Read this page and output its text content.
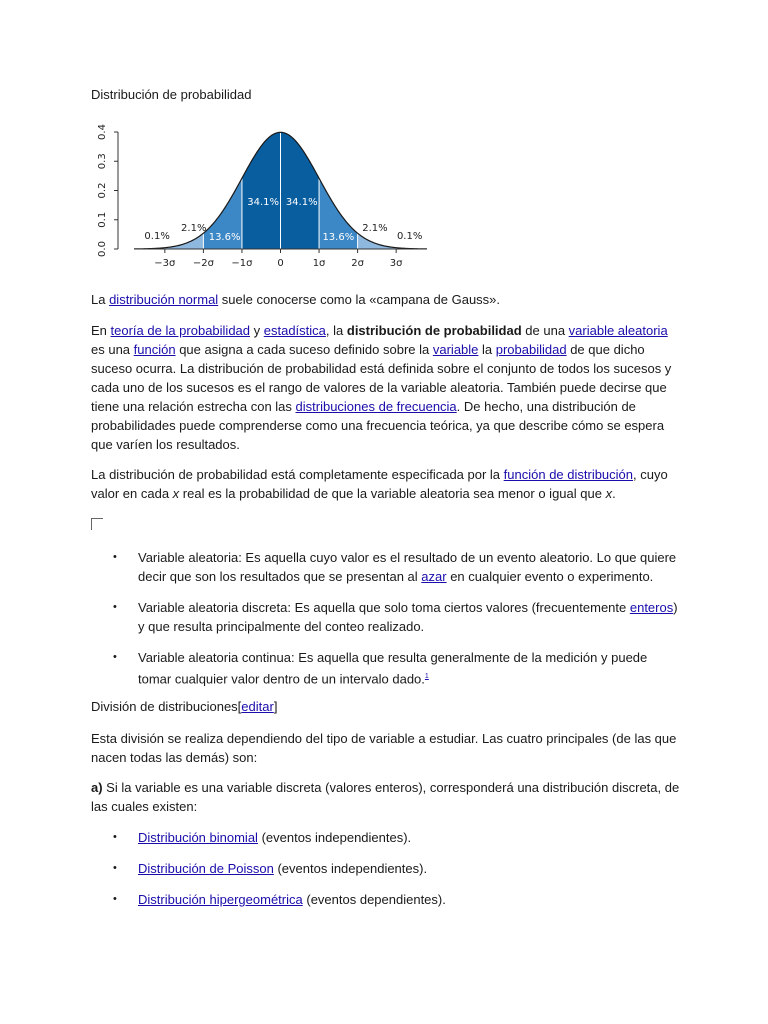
Distribución de probabilidad
−3σ −2σ −1σ 0	1σ	2σ	3σ
0.0
0.1
0.2
0.3
0.4
0.1%
2.1%
13.6%
34.1% 34.1%
13.6%
2.1%
0.1%

La distribución normal suele conocerse como la «campana de Gauss».

En teoría de la probabilidad y estadística, la distribución de probabilidad de una variable aleatoria es una función que asigna a cada suceso definido sobre la variable la probabilidad de que dicho suceso ocurra. La distribución de probabilidad está definida sobre el conjunto de todos los sucesos y cada uno de los sucesos es el rango de valores de la variable aleatoria. También puede decirse que tiene una relación estrecha con las distribuciones de frecuencia. De hecho, una distribución de probabilidades puede comprenderse como una frecuencia teórica, ya que describe cómo se espera que varíen los resultados.

La distribución de probabilidad está completamente especificada por la función de distribución, cuyo valor en cada x real es la probabilidad de que la variable aleatoria sea menor o igual que x.

• Variable aleatoria: Es aquella cuyo valor es el resultado de un evento aleatorio. Lo que quiere decir que son los resultados que se presentan al azar en cualquier evento o experimento.
• Variable aleatoria discreta: Es aquella que solo toma ciertos valores (frecuentemente enteros) y que resulta principalmente del conteo realizado.
• Variable aleatoria continua: Es aquella que resulta generalmente de la medición y puede tomar cualquier valor dentro de un intervalo dado.$^1$

División de distribuciones[editar]

Esta división se realiza dependiendo del tipo de variable a estudiar. Las cuatro principales (de las que nacen todas las demás) son:

a) Si la variable es una variable discreta (valores enteros), corresponderá una distribución discreta, de las cuales existen:

• Distribución binomial (eventos independientes).
• Distribución de Poisson (eventos independientes).
• Distribución hipergeométrica (eventos dependientes).
